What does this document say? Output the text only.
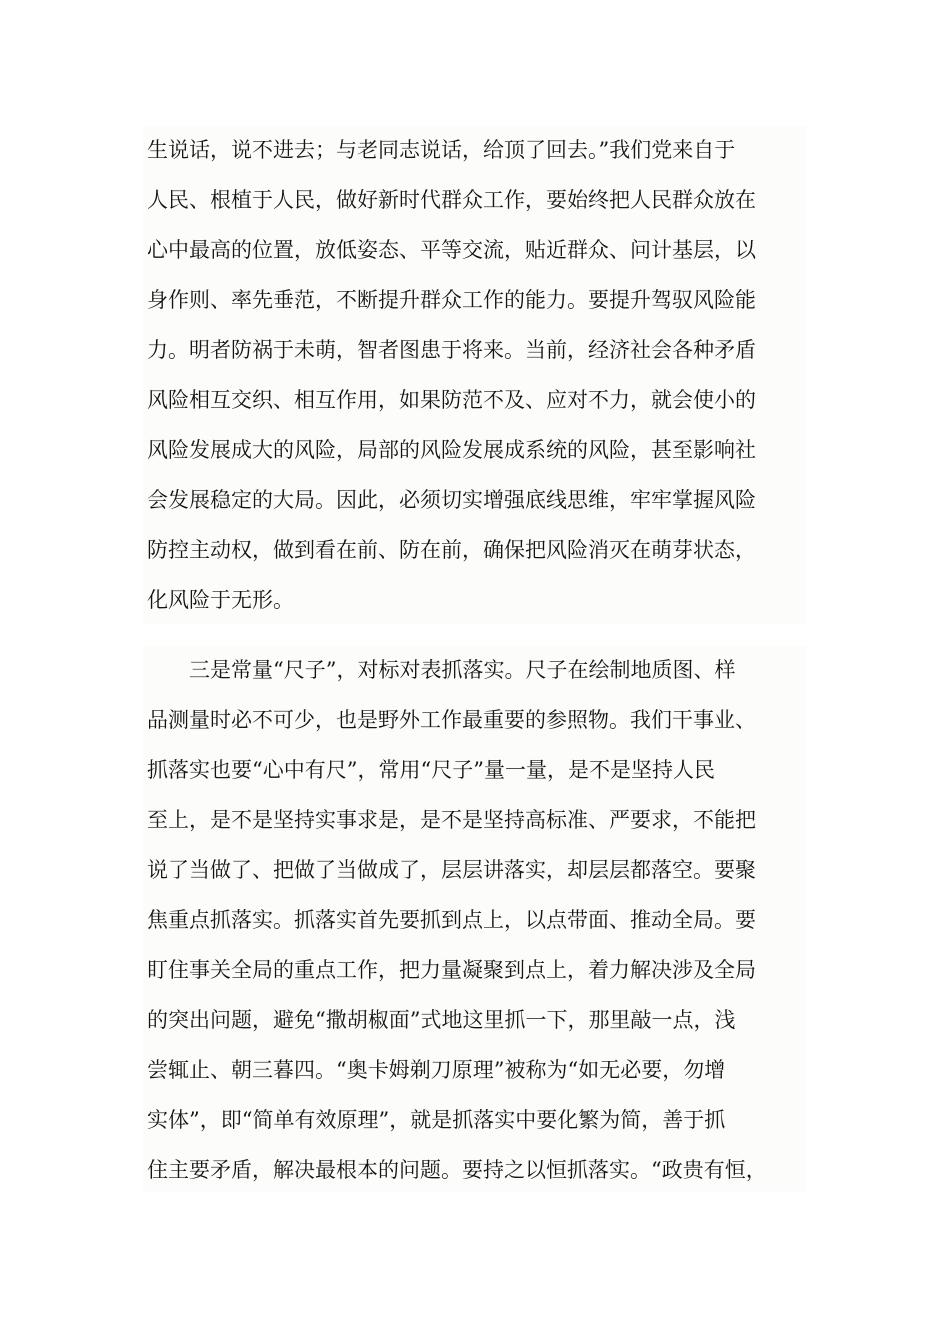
生说话，说不进去；与老同志说话，给顶了回去。”我们党来自于
人民、根植于人民，做好新时代群众工作，要始终把人民群众放在
心中最高的位置，放低姿态、平等交流，贴近群众、问计基层，以
身作则、率先垂范，不断提升群众工作的能力。要提升驾驭风险能
力。明者防祸于未萌，智者图患于将来。当前，经济社会各种矛盾
风险相互交织、相互作用，如果防范不及、应对不力，就会使小的
风险发展成大的风险，局部的风险发展成系统的风险，甚至影响社
会发展稳定的大局。因此，必须切实增强底线思维，牢牢掌握风险
防控主动权，做到看在前、防在前，确保把风险消灭在萌芽状态，
化风险于无形。
三是常量“尺子”，对标对表抓落实。尺子在绘制地质图、样
品测量时必不可少，也是野外工作最重要的参照物。我们干事业、
抓落实也要“心中有尺”，常用“尺子”量一量，是不是坚持人民
至上，是不是坚持实事求是，是不是坚持高标准、严要求，不能把
说了当做了、把做了当做成了，层层讲落实，却层层都落空。要聚
焦重点抓落实。抓落实首先要抓到点上，以点带面、推动全局。要
盯住事关全局的重点工作，把力量凝聚到点上，着力解决涉及全局
的突出问题，避免“撒胡椒面”式地这里抓一下，那里敲一点，浅
尝辄止、朝三暮四。“奥卡姆剃刀原理”被称为“如无必要，勿增
实体”，即“简单有效原理”，就是抓落实中要化繁为简，善于抓
住主要矛盾，解决最根本的问题。要持之以恒抓落实。“政贵有恒，
